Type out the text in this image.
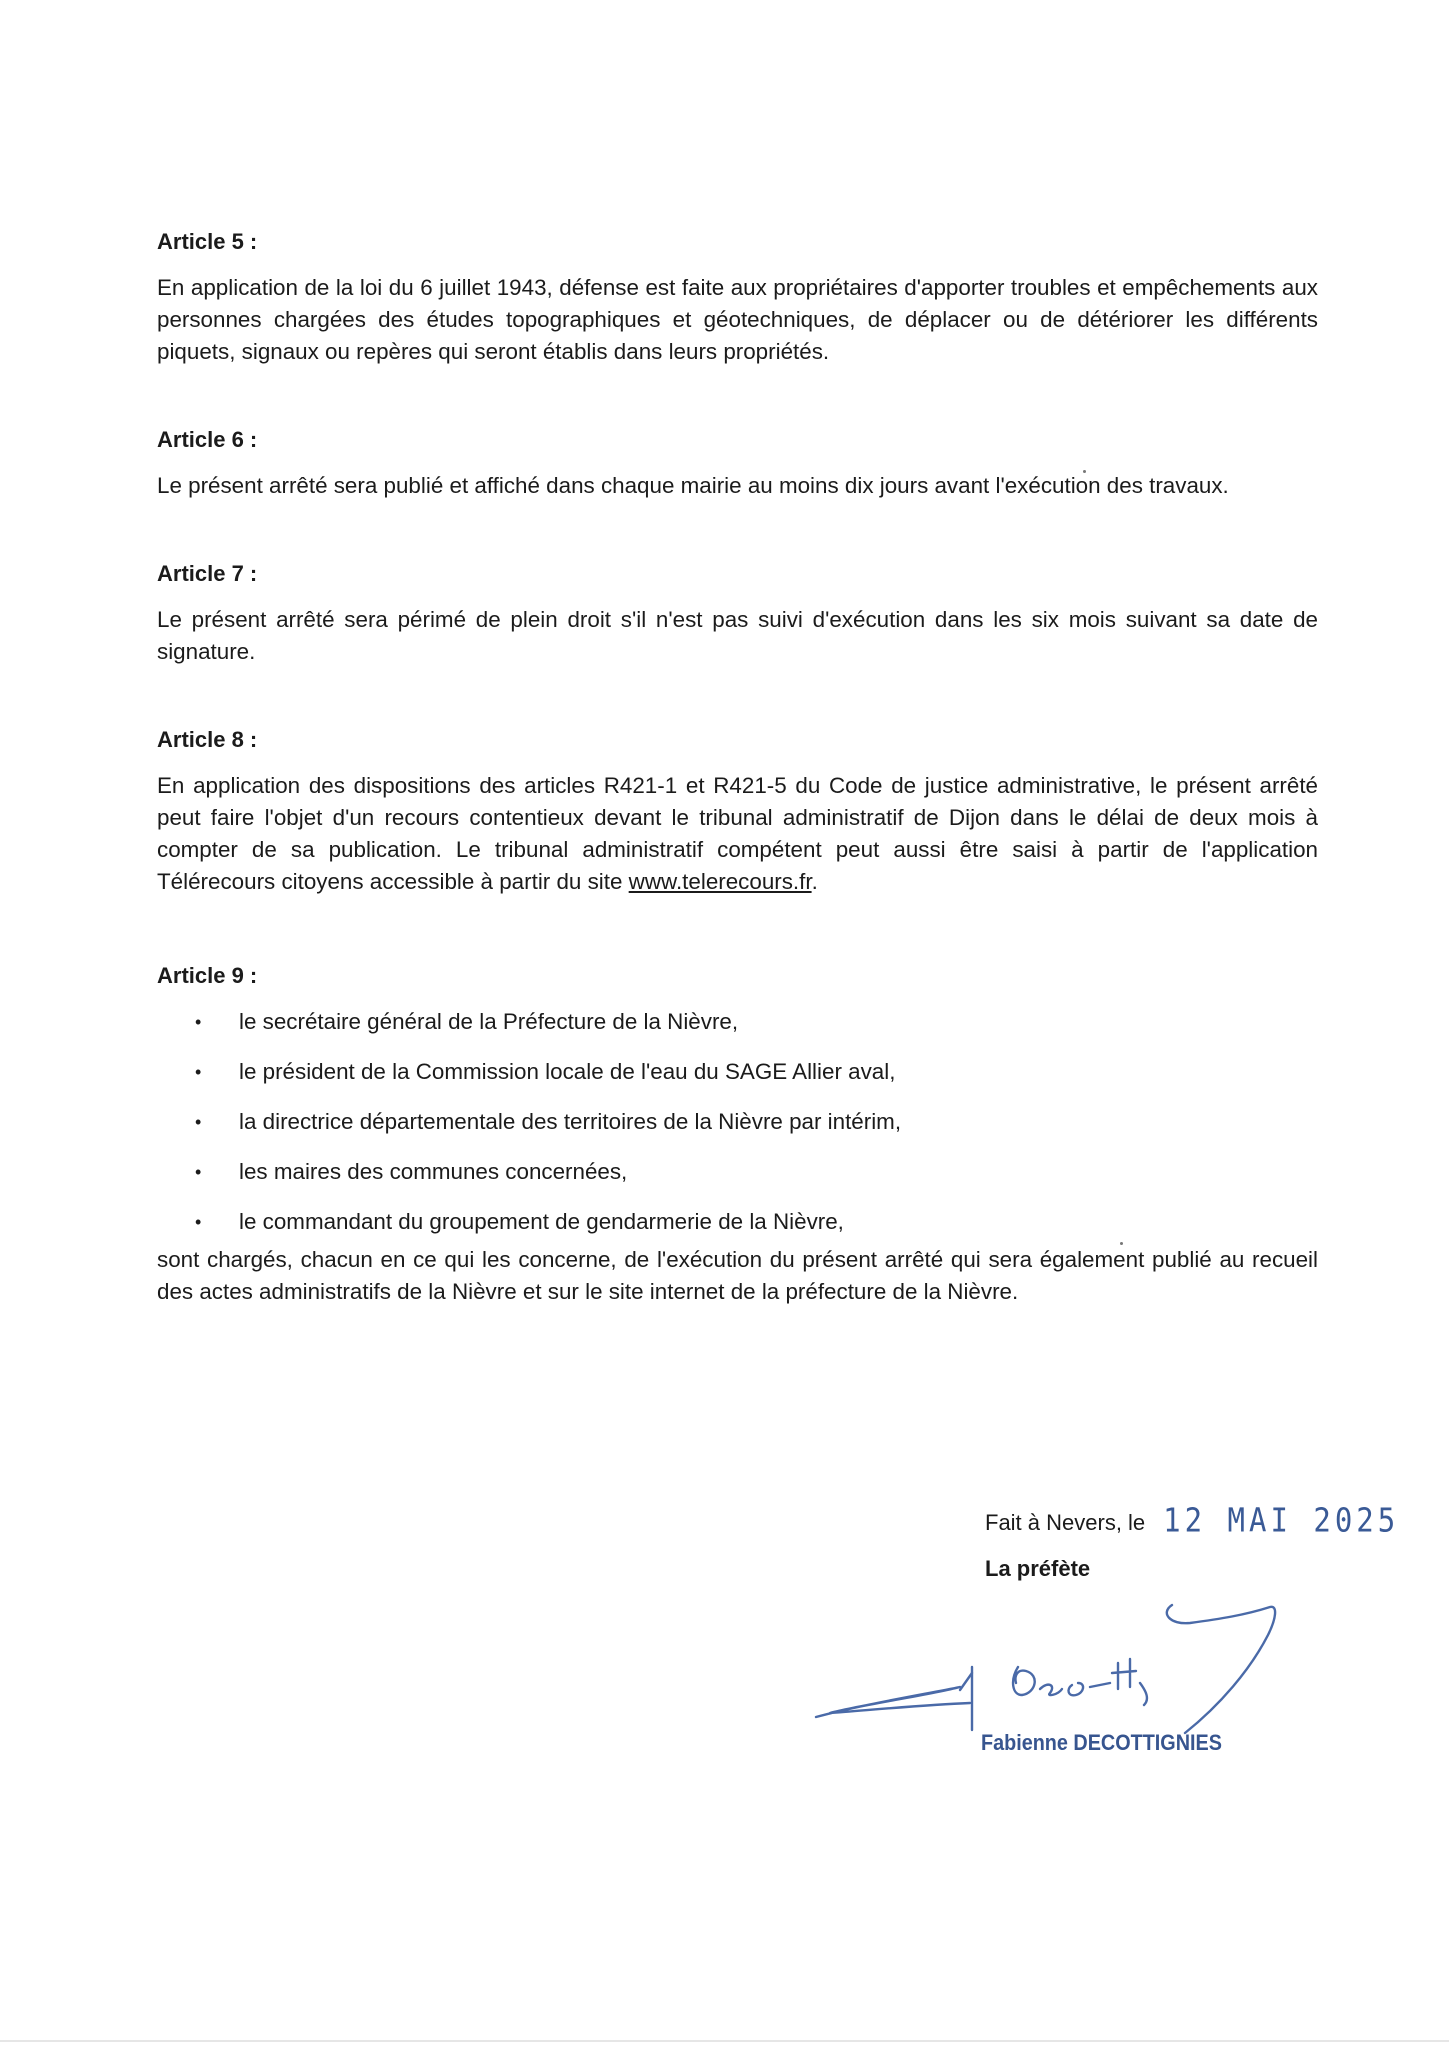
Article 5 :

En application de la loi du 6 juillet 1943, défense est faite aux propriétaires d'apporter troubles et empêchements aux personnes chargées des études topographiques et géotechniques, de déplacer ou de détériorer les différents piquets, signaux ou repères qui seront établis dans leurs propriétés.

Article 6 :

Le présent arrêté sera publié et affiché dans chaque mairie au moins dix jours avant l'exécution des travaux.

Article 7 :

Le présent arrêté sera périmé de plein droit s'il n'est pas suivi d'exécution dans les six mois suivant sa date de signature.

Article 8 :

En application des dispositions des articles R421-1 et R421-5 du Code de justice administrative, le présent arrêté peut faire l'objet d'un recours contentieux devant le tribunal administratif de Dijon dans le délai de deux mois à compter de sa publication. Le tribunal administratif compétent peut aussi être saisi à partir de l'application Télérecours citoyens accessible à partir du site www.telerecours.fr.

Article 9 :
• le secrétaire général de la Préfecture de la Nièvre,
• le président de la Commission locale de l'eau du SAGE Allier aval,
• la directrice départementale des territoires de la Nièvre par intérim,
• les maires des communes concernées,
• le commandant du groupement de gendarmerie de la Nièvre,

sont chargés, chacun en ce qui les concerne, de l'exécution du présent arrêté qui sera également publié au recueil des actes administratifs de la Nièvre et sur le site internet de la préfecture de la Nièvre.

Fait à Nevers, le 12 MAI 2025
La préfète
Fabienne DECOTTIGNIES
